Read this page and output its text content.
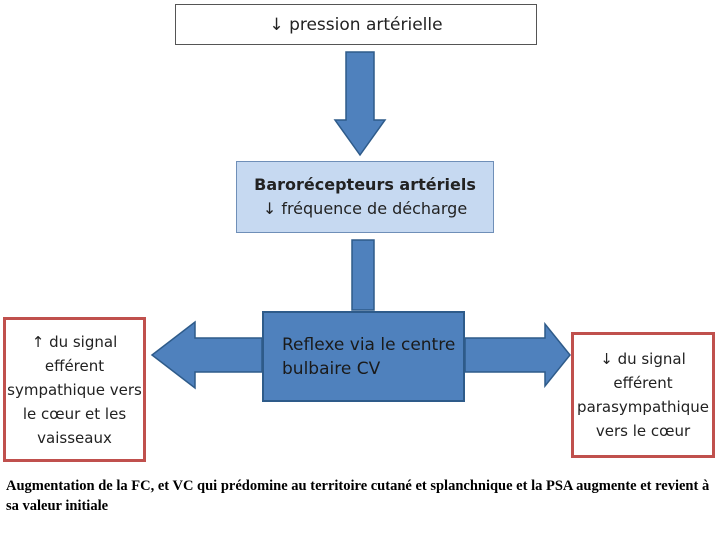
↓ pression artérielle
Barorécepteurs artériels
↓ fréquence de décharge
Reflexe via le centre
bulbaire CV
↑ du signal
efférent
sympathique vers
le cœur et les
vaisseaux
↓ du signal
efférent
parasympathique
vers le cœur
Augmentation de la FC, et VC qui prédomine au territoire cutané et splanchnique et la PSA augmente et revient à sa valeur initiale
